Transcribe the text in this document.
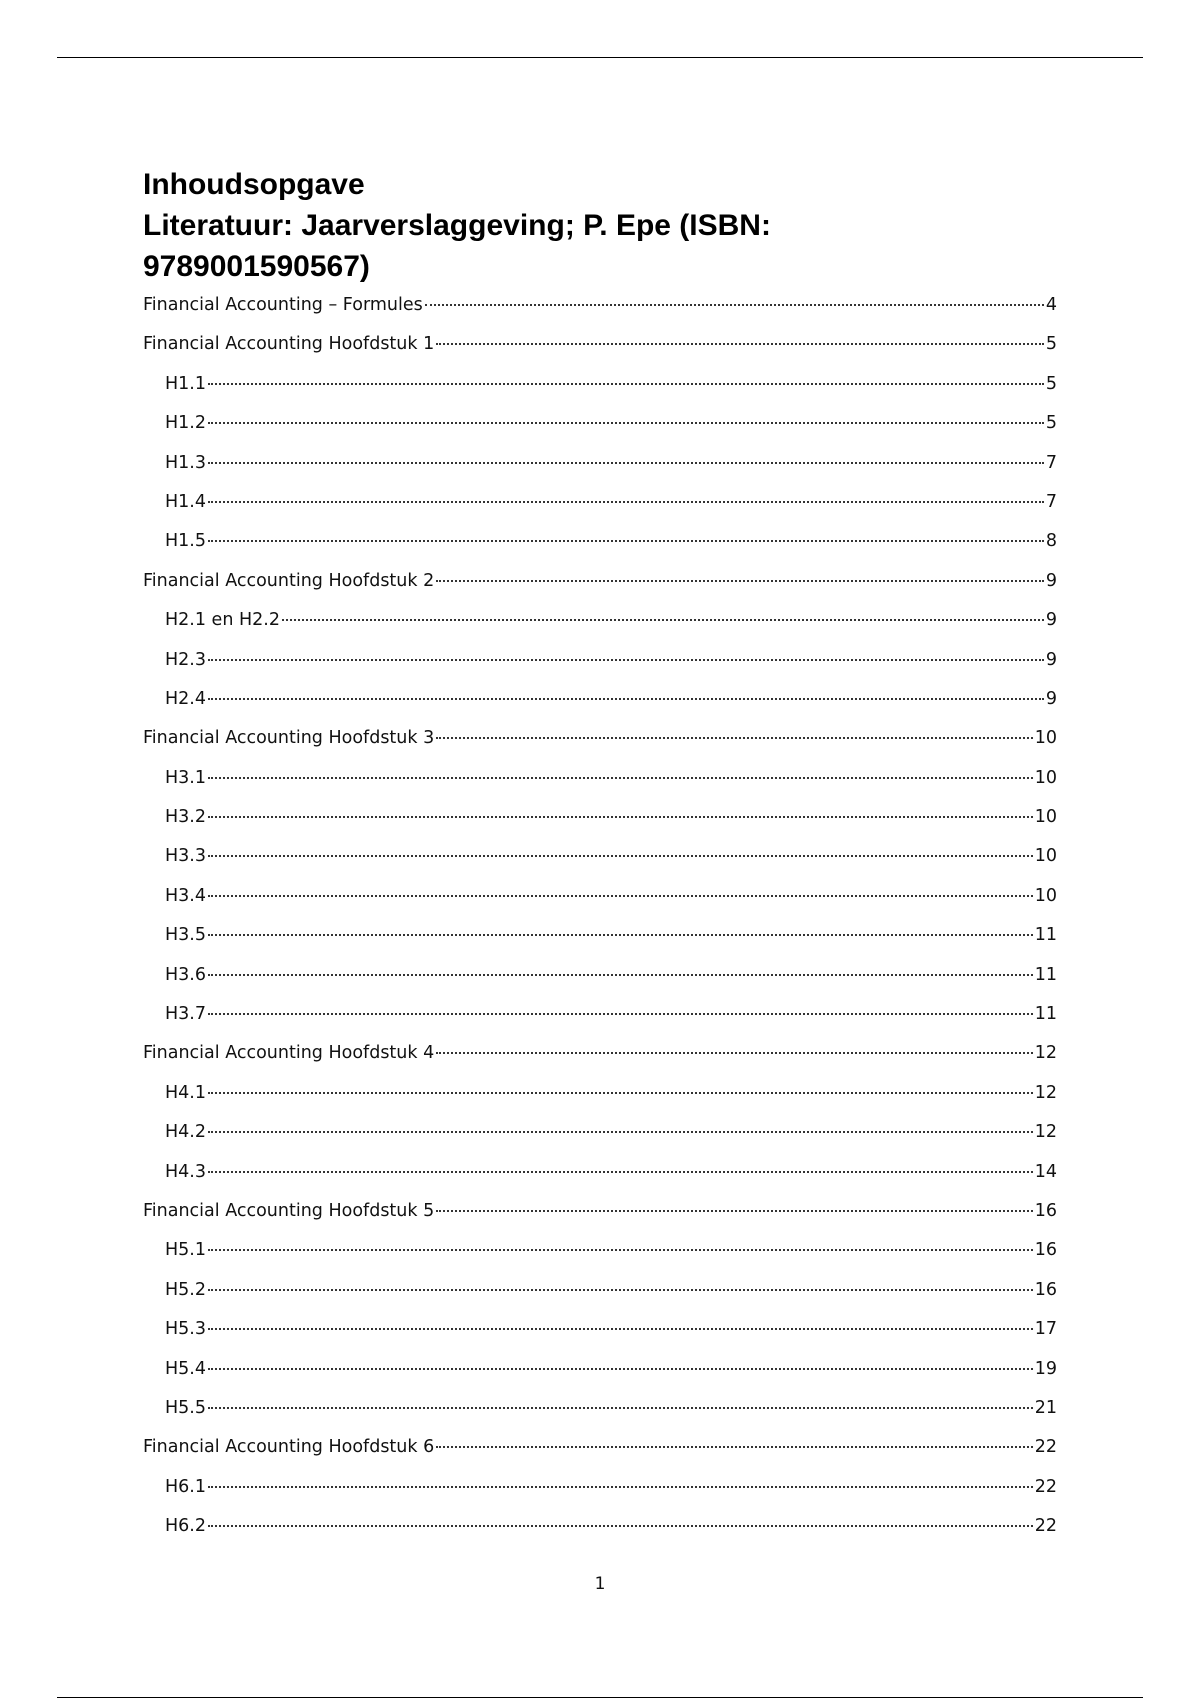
Inhoudsopgave
Literatuur: Jaarverslaggeving; P. Epe (ISBN:
9789001590567)
Financial Accounting – Formules	4
Financial Accounting Hoofdstuk 1	5
H1.1	5
H1.2	5
H1.3	7
H1.4	7
H1.5	8
Financial Accounting Hoofdstuk 2	9
H2.1 en H2.2	9
H2.3	9
H2.4	9
Financial Accounting Hoofdstuk 3	10
H3.1	10
H3.2	10
H3.3	10
H3.4	10
H3.5	11
H3.6	11
H3.7	11
Financial Accounting Hoofdstuk 4	12
H4.1	12
H4.2	12
H4.3	14
Financial Accounting Hoofdstuk 5	16
H5.1	16
H5.2	16
H5.3	17
H5.4	19
H5.5	21
Financial Accounting Hoofdstuk 6	22
H6.1	22
H6.2	22
1
